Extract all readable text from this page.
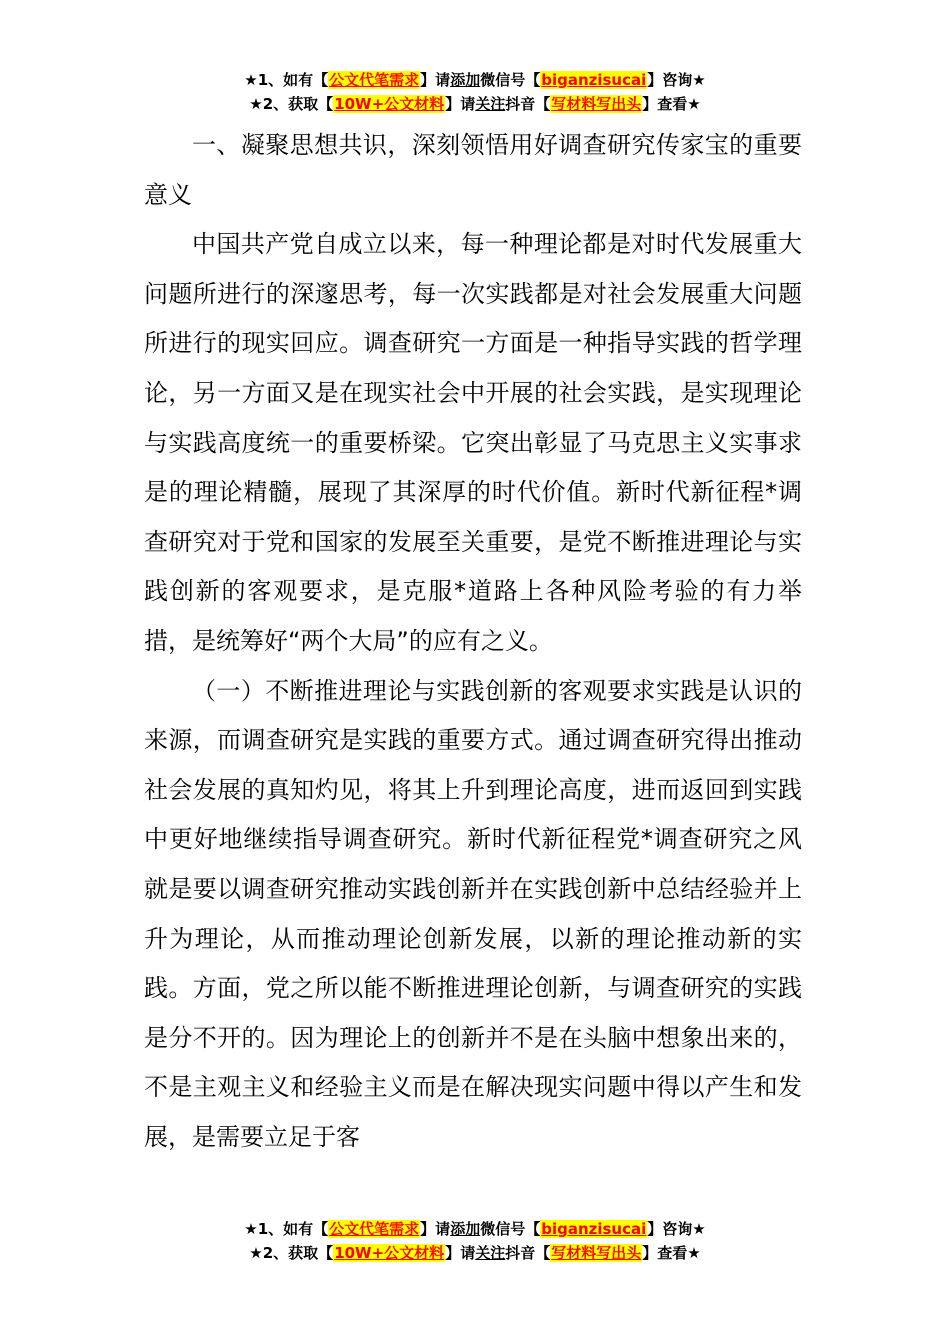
★1、如有【公文代笔需求】请添加微信号【biganzisucai】咨询★
★2、获取【10W+公文材料】请关注抖音【写材料写出头】查看★

一、凝聚思想共识，深刻领悟用好调查研究传家宝的重要意义

中国共产党自成立以来，每一种理论都是对时代发展重大问题所进行的深邃思考，每一次实践都是对社会发展重大问题所进行的现实回应。调查研究一方面是一种指导实践的哲学理论，另一方面又是在现实社会中开展的社会实践，是实现理论与实践高度统一的重要桥梁。它突出彰显了马克思主义实事求是的理论精髓，展现了其深厚的时代价值。新时代新征程*调查研究对于党和国家的发展至关重要，是党不断推进理论与实践创新的客观要求，是克服*道路上各种风险考验的有力举措，是统筹好“两个大局”的应有之义。

（一）不断推进理论与实践创新的客观要求实践是认识的来源，而调查研究是实践的重要方式。通过调查研究得出推动社会发展的真知灼见，将其上升到理论高度，进而返回到实践中更好地继续指导调查研究。新时代新征程党*调查研究之风就是要以调查研究推动实践创新并在实践创新中总结经验并上升为理论，从而推动理论创新发展，以新的理论推动新的实践。方面，党之所以能不断推进理论创新，与调查研究的实践是分不开的。因为理论上的创新并不是在头脑中想象出来的，不是主观主义和经验主义而是在解决现实问题中得以产生和发展，是需要立足于客

★1、如有【公文代笔需求】请添加微信号【biganzisucai】咨询★
★2、获取【10W+公文材料】请关注抖音【写材料写出头】查看★
